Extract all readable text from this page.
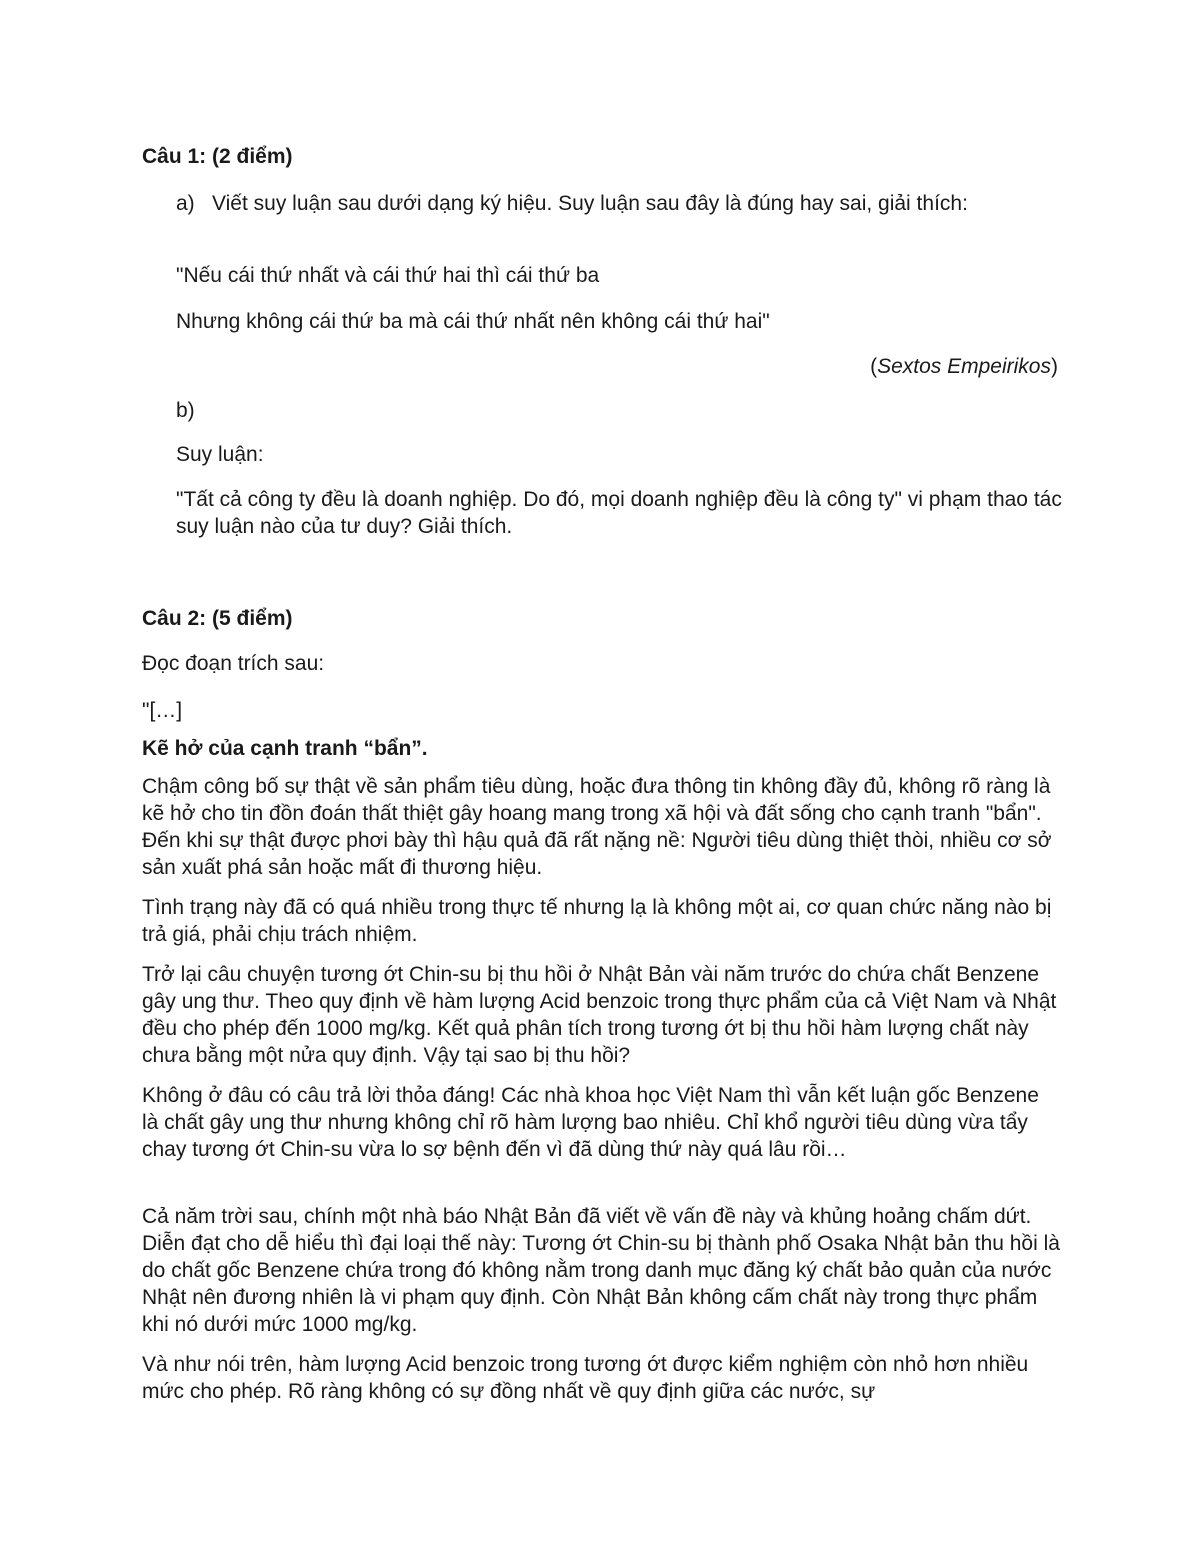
Câu 1: (2 điểm)
a) Viết suy luận sau dưới dạng ký hiệu. Suy luận sau đây là đúng hay sai, giải thích:
"Nếu cái thứ nhất và cái thứ hai thì cái thứ ba
Nhưng không cái thứ ba mà cái thứ nhất nên không cái thứ hai"
(Sextos Empeirikos)
b)
Suy luận:
"Tất cả công ty đều là doanh nghiệp. Do đó, mọi doanh nghiệp đều là công ty" vi phạm thao tác suy luận nào của tư duy? Giải thích.
Câu 2: (5 điểm)
Đọc đoạn trích sau:
"[…]
Kẽ hở của cạnh tranh “bẩn”.

Chậm công bố sự thật về sản phẩm tiêu dùng, hoặc đưa thông tin không đầy đủ, không rõ ràng là kẽ hở cho tin đồn đoán thất thiệt gây hoang mang trong xã hội và đất sống cho cạnh tranh "bẩn". Đến khi sự thật được phơi bày thì hậu quả đã rất nặng nề: Người tiêu dùng thiệt thòi, nhiều cơ sở sản xuất phá sản hoặc mất đi thương hiệu.

Tình trạng này đã có quá nhiều trong thực tế nhưng lạ là không một ai, cơ quan chức năng nào bị trả giá, phải chịu trách nhiệm.

Trở lại câu chuyện tương ớt Chin-su bị thu hồi ở Nhật Bản vài năm trước do chứa chất Benzene gây ung thư. Theo quy định về hàm lượng Acid benzoic trong thực phẩm của cả Việt Nam và Nhật đều cho phép đến 1000 mg/kg. Kết quả phân tích trong tương ớt bị thu hồi hàm lượng chất này chưa bằng một nửa quy định. Vậy tại sao bị thu hồi?

Không ở đâu có câu trả lời thỏa đáng! Các nhà khoa học Việt Nam thì vẫn kết luận gốc Benzene là chất gây ung thư nhưng không chỉ rõ hàm lượng bao nhiêu. Chỉ khổ người tiêu dùng vừa tẩy chay tương ớt Chin-su vừa lo sợ bệnh đến vì đã dùng thứ này quá lâu rồi…

Cả năm trời sau, chính một nhà báo Nhật Bản đã viết về vấn đề này và khủng hoảng chấm dứt. Diễn đạt cho dễ hiểu thì đại loại thế này: Tương ớt Chin-su bị thành phố Osaka Nhật bản thu hồi là do chất gốc Benzene chứa trong đó không nằm trong danh mục đăng ký chất bảo quản của nước Nhật nên đương nhiên là vi phạm quy định. Còn Nhật Bản không cấm chất này trong thực phẩm khi nó dưới mức 1000 mg/kg.

Và như nói trên, hàm lượng Acid benzoic trong tương ớt được kiểm nghiệm còn nhỏ hơn nhiều mức cho phép. Rõ ràng không có sự đồng nhất về quy định giữa các nước, sự
